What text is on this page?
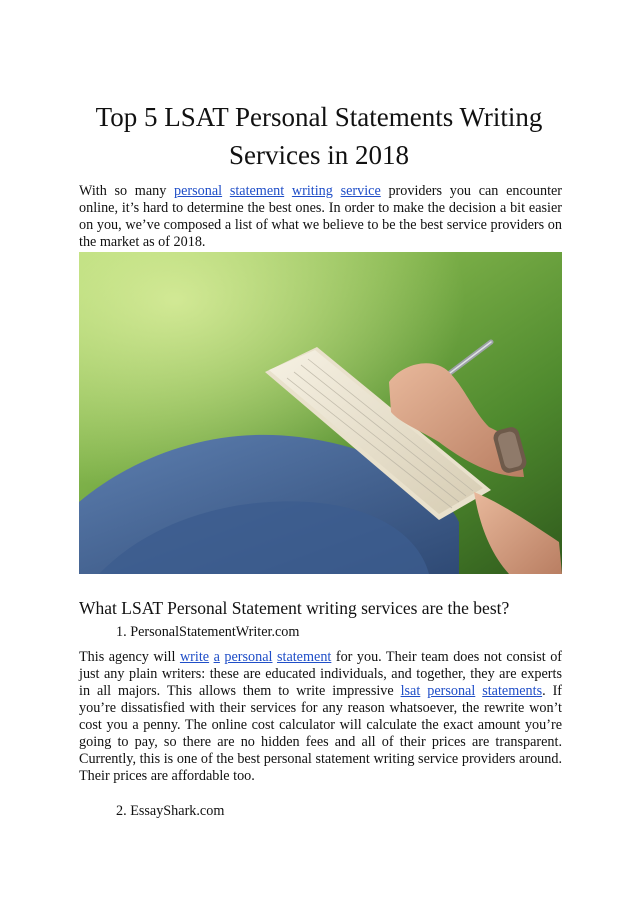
Top 5 LSAT Personal Statements Writing Services in 2018

With so many personal statement writing service providers you can encounter online, it’s hard to determine the best ones. In order to make the decision a bit easier on you, we’ve composed a list of what we believe to be the best service providers on the market as of 2018.

What LSAT Personal Statement writing services are the best?

1. PersonalStatementWriter.com

This agency will write a personal statement for you. Their team does not consist of just any plain writers: these are educated individuals, and together, they are experts in all majors. This allows them to write impressive lsat personal statements. If you’re dissatisfied with their services for any reason whatsoever, the rewrite won’t cost you a penny. The online cost calculator will calculate the exact amount you’re going to pay, so there are no hidden fees and all of their prices are transparent. Currently, this is one of the best personal statement writing service providers around. Their prices are affordable too.

2. EssayShark.com
